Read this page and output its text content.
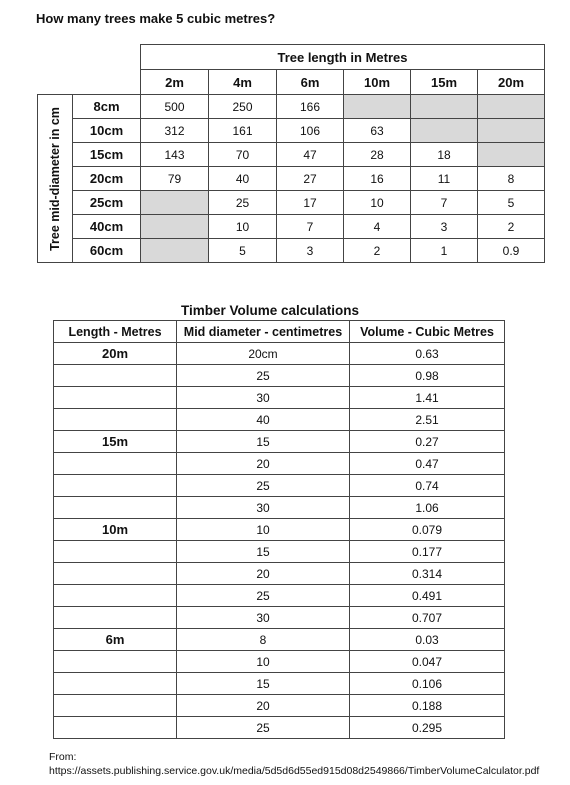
How many trees make 5 cubic metres?
		Tree length in Metres					
		2m	4m	6m	10m	15m	20m

Tree mid-diameter in cm	8cm	500	250	166			
	10cm	312	161	106	63		
	15cm	143	70	47	28	18	
	20cm	79	40	27	16	11	8
	25cm		25	17	10	7	5
	40cm		10	7	4	3	2
	60cm		5	3	2	1	0.9
Timber Volume calculations
Length - Metres	Mid diameter - centimetres	Volume - Cubic Metres
20m	20cm	0.63
	25	0.98
	30	1.41
	40	2.51
15m	15	0.27
	20	0.47
	25	0.74
	30	1.06
10m	10	0.079
	15	0.177
	20	0.314
	25	0.491
	30	0.707
6m	8	0.03
	10	0.047
	15	0.106
	20	0.188
	25	0.295
From:
https://assets.publishing.service.gov.uk/media/5d5d6d55ed915d08d2549866/TimberVolumeCalculator.pdf
